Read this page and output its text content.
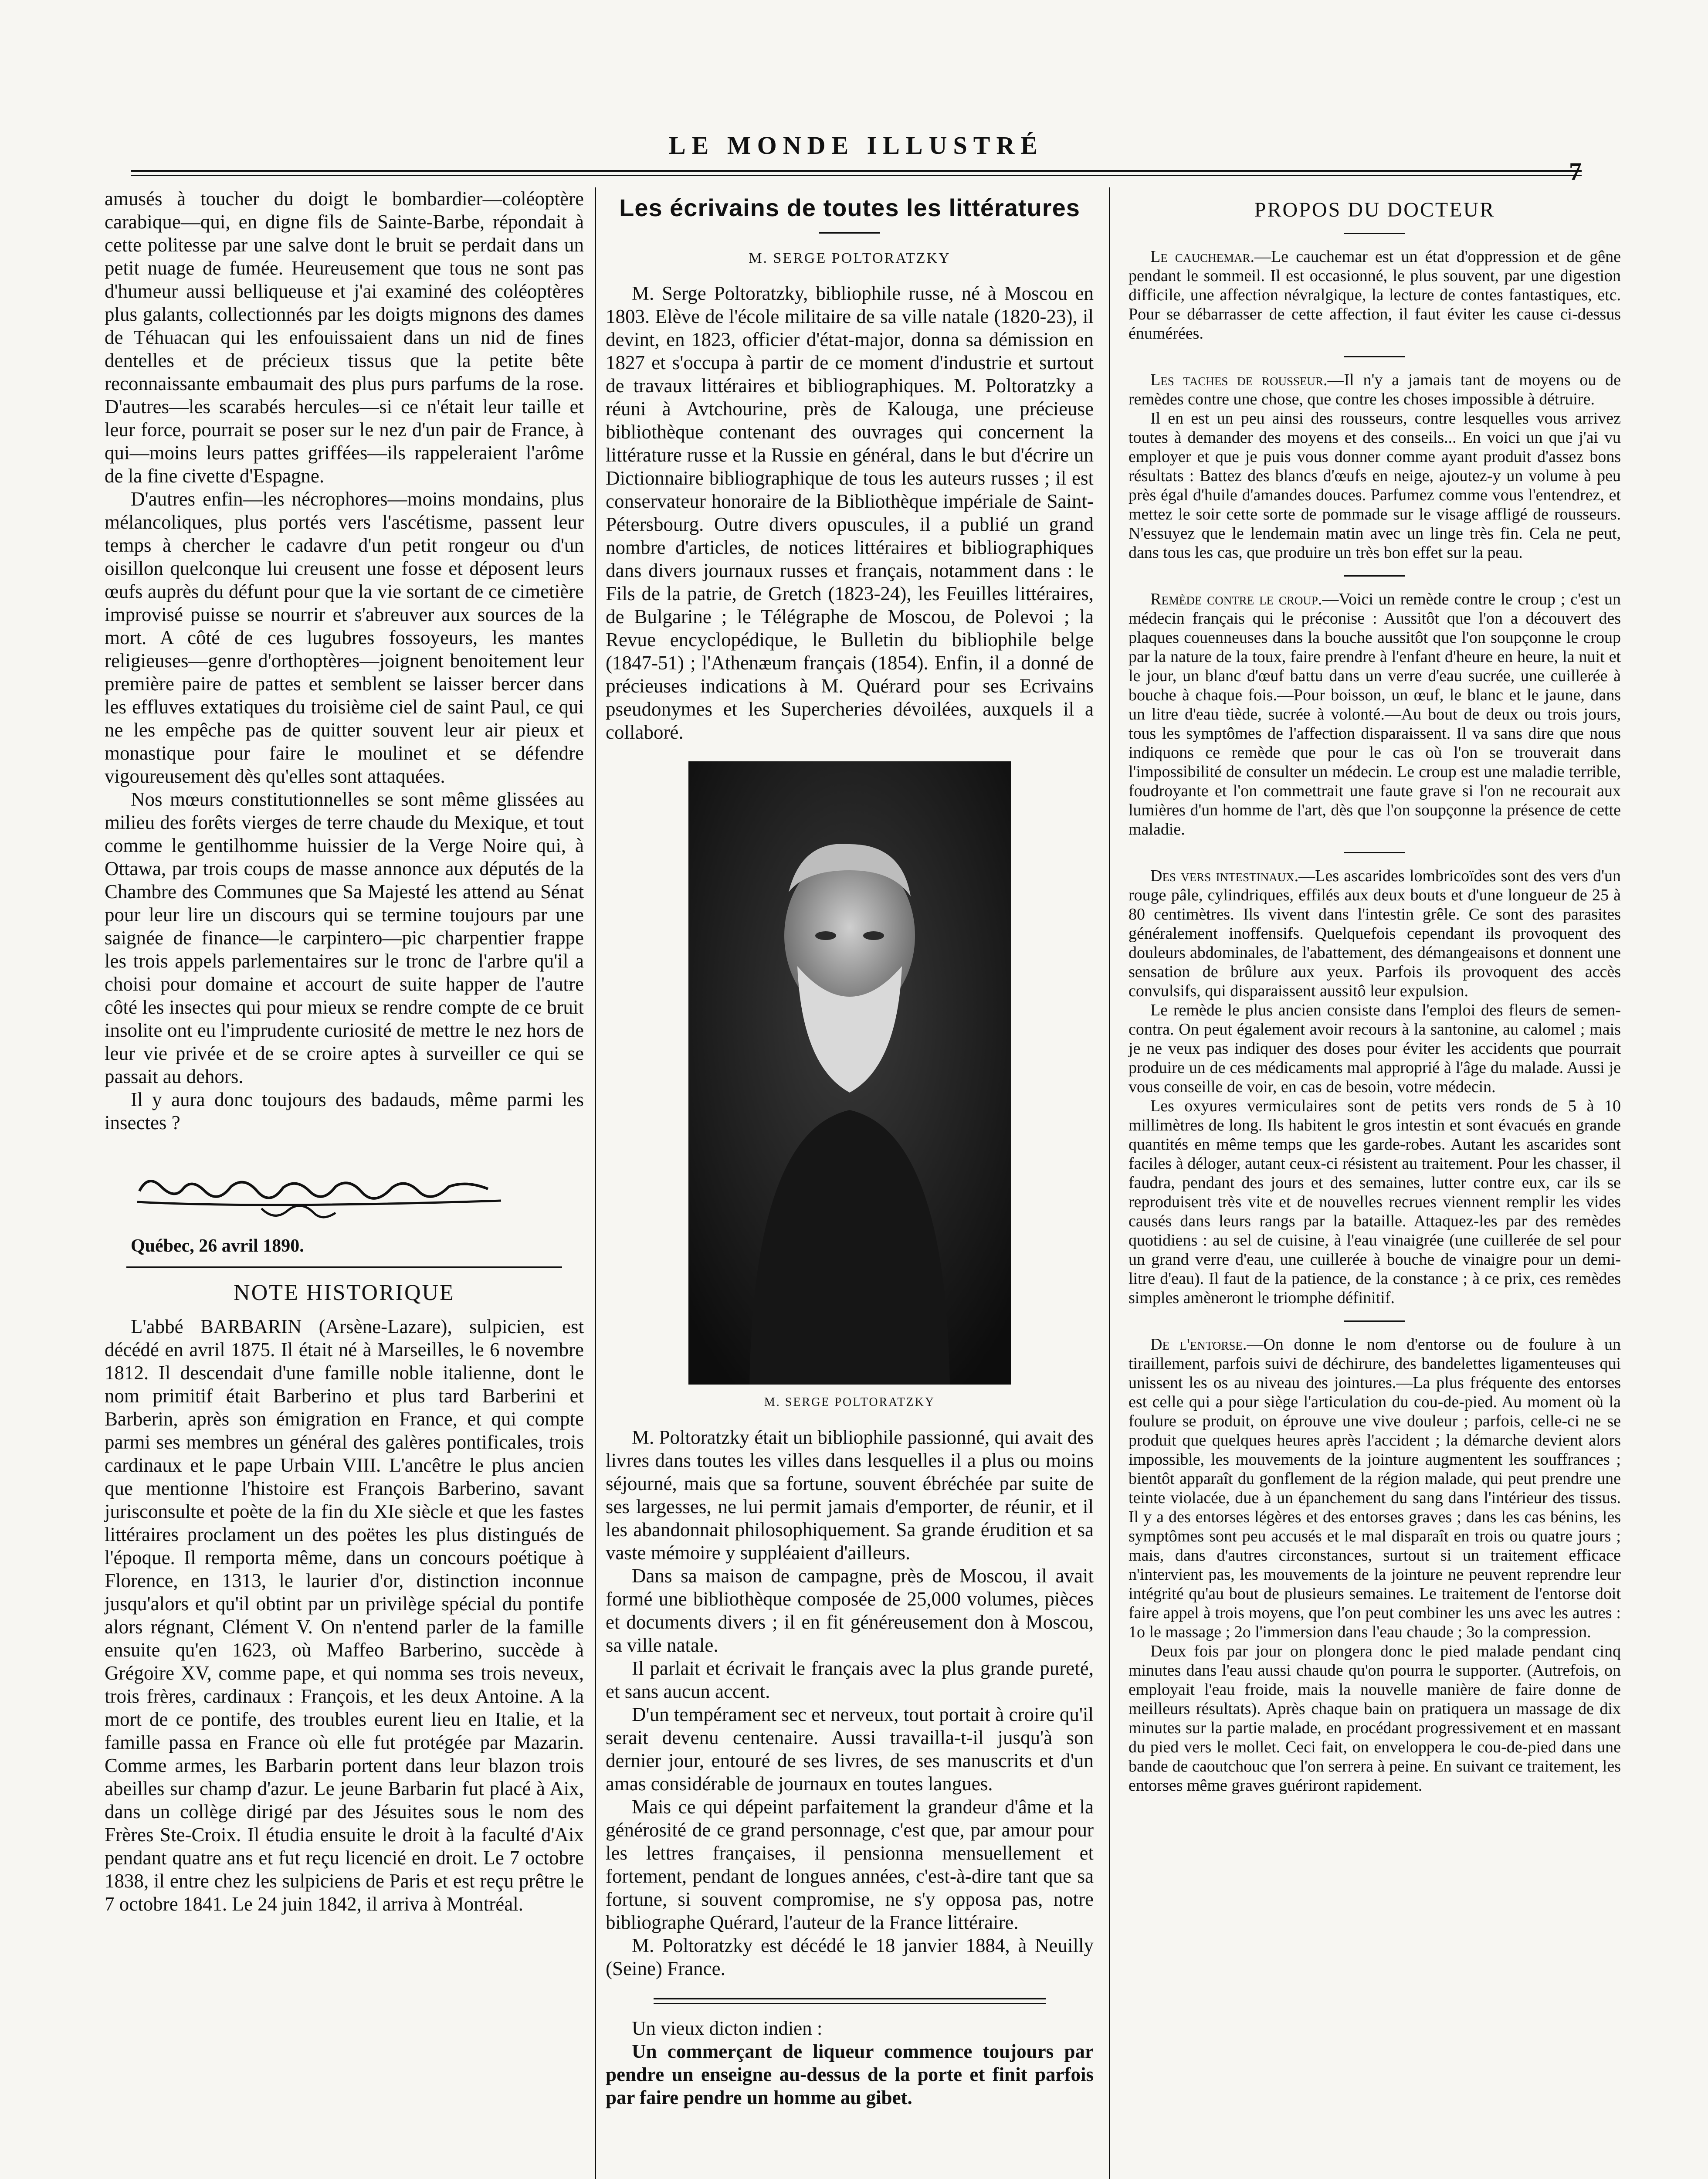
LE MONDE ILLUSTRÉ
7

amusés à toucher du doigt le bombardier—coléoptère carabique—qui, en digne fils de Sainte-Barbe, répondait à cette politesse par une salve dont le bruit se perdait dans un petit nuage de fumée. Heureusement que tous ne sont pas d'humeur aussi belliqueuse et j'ai examiné des coléoptères plus galants, collectionnés par les doigts mignons des dames de Téhuacan qui les enfouissaient dans un nid de fines dentelles et de précieux tissus que la petite bête reconnaissante embaumait des plus purs parfums de la rose. D'autres—les scarabés hercules—si ce n'était leur taille et leur force, pourrait se poser sur le nez d'un pair de France, à qui—moins leurs pattes griffées—ils rappeleraient l'arôme de la fine civette d'Espagne.

D'autres enfin—les nécrophores—moins mondains, plus mélancoliques, plus portés vers l'ascétisme, passent leur temps à chercher le cadavre d'un petit rongeur ou d'un oisillon quelconque lui creusent une fosse et déposent leurs œufs auprès du défunt pour que la vie sortant de ce cimetière improvisé puisse se nourrir et s'abreuver aux sources de la mort. A côté de ces lugubres fossoyeurs, les mantes religieuses—genre d'orthoptères—joignent benoitement leur première paire de pattes et semblent se laisser bercer dans les effluves extatiques du troisième ciel de saint Paul, ce qui ne les empêche pas de quitter souvent leur air pieux et monastique pour faire le moulinet et se défendre vigoureusement dès qu'elles sont attaquées.

Nos mœurs constitutionnelles se sont même glissées au milieu des forêts vierges de terre chaude du Mexique, et tout comme le gentilhomme huissier de la Verge Noire qui, à Ottawa, par trois coups de masse annonce aux députés de la Chambre des Communes que Sa Majesté les attend au Sénat pour leur lire un discours qui se termine toujours par une saignée de finance—le carpintero—pic charpentier frappe les trois appels parlementaires sur le tronc de l'arbre qu'il a choisi pour domaine et accourt de suite happer de l'autre côté les insectes qui pour mieux se rendre compte de ce bruit insolite ont eu l'imprudente curiosité de mettre le nez hors de leur vie privée et de se croire aptes à surveiller ce qui se passait au dehors.

Il y aura donc toujours des badauds, même parmi les insectes ?

Québec, 26 avril 1890.

NOTE HISTORIQUE

L'abbé BARBARIN (Arsène-Lazare), sulpicien, est décédé en avril 1875. Il était né à Marseilles, le 6 novembre 1812. Il descendait d'une famille noble italienne, dont le nom primitif était Barberino et plus tard Barberini et Barberin, après son émigration en France, et qui compte parmi ses membres un général des galères pontificales, trois cardinaux et le pape Urbain VIII. L'ancêtre le plus ancien que mentionne l'histoire est François Barberino, savant jurisconsulte et poète de la fin du XIe siècle et que les fastes littéraires proclament un des poëtes les plus distingués de l'époque. Il remporta même, dans un concours poétique à Florence, en 1313, le laurier d'or, distinction inconnue jusqu'alors et qu'il obtint par un privilège spécial du pontife alors régnant, Clément V. On n'entend parler de la famille ensuite qu'en 1623, où Maffeo Barberino, succède à Grégoire XV, comme pape, et qui nomma ses trois neveux, trois frères, cardinaux : François, et les deux Antoine. A la mort de ce pontife, des troubles eurent lieu en Italie, et la famille passa en France où elle fut protégée par Mazarin. Comme armes, les Barbarin portent dans leur blazon trois abeilles sur champ d'azur. Le jeune Barbarin fut placé à Aix, dans un collège dirigé par des Jésuites sous le nom des Frères Ste-Croix. Il étudia ensuite le droit à la faculté d'Aix pendant quatre ans et fut reçu licencié en droit. Le 7 octobre 1838, il entre chez les sulpiciens de Paris et est reçu prêtre le 7 octobre 1841. Le 24 juin 1842, il arriva à Montréal.

Les écrivains de toutes les littératures
M. SERGE POLTORATZKY

M. Serge Poltoratzky, bibliophile russe, né à Moscou en 1803. Elève de l'école militaire de sa ville natale (1820-23), il devint, en 1823, officier d'état-major, donna sa démission en 1827 et s'occupa à partir de ce moment d'industrie et surtout de travaux littéraires et bibliographiques. M. Poltoratzky a réuni à Avtchourine, près de Kalouga, une précieuse bibliothèque contenant des ouvrages qui concernent la littérature russe et la Russie en général, dans le but d'écrire un Dictionnaire bibliographique de tous les auteurs russes ; il est conservateur honoraire de la Bibliothèque impériale de Saint-Pétersbourg. Outre divers opuscules, il a publié un grand nombre d'articles, de notices littéraires et bibliographiques dans divers journaux russes et français, notamment dans : le Fils de la patrie, de Gretch (1823-24), les Feuilles littéraires, de Bulgarine ; le Télégraphe de Moscou, de Polevoi ; la Revue encyclopédique, le Bulletin du bibliophile belge (1847-51) ; l'Athenæum français (1854). Enfin, il a donné de précieuses indications à M. Quérard pour ses Ecrivains pseudonymes et les Supercheries dévoilées, auxquels il a collaboré.

M. SERGE POLTORATZKY

M. Poltoratzky était un bibliophile passionné, qui avait des livres dans toutes les villes dans lesquelles il a plus ou moins séjourné, mais que sa fortune, souvent ébréchée par suite de ses largesses, ne lui permit jamais d'emporter, de réunir, et il les abandonnait philosophiquement. Sa grande érudition et sa vaste mémoire y suppléaient d'ailleurs.

Dans sa maison de campagne, près de Moscou, il avait formé une bibliothèque composée de 25,000 volumes, pièces et documents divers ; il en fit généreusement don à Moscou, sa ville natale.

Il parlait et écrivait le français avec la plus grande pureté, et sans aucun accent.

D'un tempérament sec et nerveux, tout portait à croire qu'il serait devenu centenaire. Aussi travailla-t-il jusqu'à son dernier jour, entouré de ses livres, de ses manuscrits et d'un amas considérable de journaux en toutes langues.

Mais ce qui dépeint parfaitement la grandeur d'âme et la générosité de ce grand personnage, c'est que, par amour pour les lettres françaises, il pensionna mensuellement et fortement, pendant de longues années, c'est-à-dire tant que sa fortune, si souvent compromise, ne s'y opposa pas, notre bibliographe Quérard, l'auteur de la France littéraire.

M. Poltoratzky est décédé le 18 janvier 1884, à Neuilly (Seine) France.

Un vieux dicton indien :

Un commerçant de liqueur commence toujours par pendre un enseigne au-dessus de la porte et finit parfois par faire pendre un homme au gibet.

PROPOS DU DOCTEUR

Le cauchemar.—Le cauchemar est un état d'oppression et de gêne pendant le sommeil. Il est occasionné, le plus souvent, par une digestion difficile, une affection névralgique, la lecture de contes fantastiques, etc. Pour se débarrasser de cette affection, il faut éviter les cause ci-dessus énumérées.

Les taches de rousseur.—Il n'y a jamais tant de moyens ou de remèdes contre une chose, que contre les choses impossible à détruire.

Il en est un peu ainsi des rousseurs, contre lesquelles vous arrivez toutes à demander des moyens et des conseils... En voici un que j'ai vu employer et que je puis vous donner comme ayant produit d'assez bons résultats : Battez des blancs d'œufs en neige, ajoutez-y un volume à peu près égal d'huile d'amandes douces. Parfumez comme vous l'entendrez, et mettez le soir cette sorte de pommade sur le visage affligé de rousseurs. N'essuyez que le lendemain matin avec un linge très fin. Cela ne peut, dans tous les cas, que produire un très bon effet sur la peau.

Remède contre le croup.—Voici un remède contre le croup ; c'est un médecin français qui le préconise : Aussitôt que l'on a découvert des plaques couenneuses dans la bouche aussitôt que l'on soupçonne le croup par la nature de la toux, faire prendre à l'enfant d'heure en heure, la nuit et le jour, un blanc d'œuf battu dans un verre d'eau sucrée, une cuillerée à bouche à chaque fois.—Pour boisson, un œuf, le blanc et le jaune, dans un litre d'eau tiède, sucrée à volonté.—Au bout de deux ou trois jours, tous les symptômes de l'affection disparaissent. Il va sans dire que nous indiquons ce remède que pour le cas où l'on se trouverait dans l'impossibilité de consulter un médecin. Le croup est une maladie terrible, foudroyante et l'on commettrait une faute grave si l'on ne recourait aux lumières d'un homme de l'art, dès que l'on soupçonne la présence de cette maladie.

Des vers intestinaux.—Les ascarides lombricoïdes sont des vers d'un rouge pâle, cylindriques, effilés aux deux bouts et d'une longueur de 25 à 80 centimètres. Ils vivent dans l'intestin grêle. Ce sont des parasites généralement inoffensifs. Quelquefois cependant ils provoquent des douleurs abdominales, de l'abattement, des démangeaisons et donnent une sensation de brûlure aux yeux. Parfois ils provoquent des accès convulsifs, qui disparaissent aussitô leur expulsion.

Le remède le plus ancien consiste dans l'emploi des fleurs de semen-contra. On peut également avoir recours à la santonine, au calomel ; mais je ne veux pas indiquer des doses pour éviter les accidents que pourrait produire un de ces médicaments mal approprié à l'âge du malade. Aussi je vous conseille de voir, en cas de besoin, votre médecin.

Les oxyures vermiculaires sont de petits vers ronds de 5 à 10 millimètres de long. Ils habitent le gros intestin et sont évacués en grande quantités en même temps que les garde-robes. Autant les ascarides sont faciles à déloger, autant ceux-ci résistent au traitement. Pour les chasser, il faudra, pendant des jours et des semaines, lutter contre eux, car ils se reproduisent très vite et de nouvelles recrues viennent remplir les vides causés dans leurs rangs par la bataille. Attaquez-les par des remèdes quotidiens : au sel de cuisine, à l'eau vinaigrée (une cuillerée de sel pour un grand verre d'eau, une cuillerée à bouche de vinaigre pour un demi-litre d'eau). Il faut de la patience, de la constance ; à ce prix, ces remèdes simples amèneront le triomphe définitif.

De l'entorse.—On donne le nom d'entorse ou de foulure à un tiraillement, parfois suivi de déchirure, des bandelettes ligamenteuses qui unissent les os au niveau des jointures.—La plus fréquente des entorses est celle qui a pour siège l'articulation du cou-de-pied. Au moment où la foulure se produit, on éprouve une vive douleur ; parfois, celle-ci ne se produit que quelques heures après l'accident ; la démarche devient alors impossible, les mouvements de la jointure augmentent les souffrances ; bientôt apparaît du gonflement de la région malade, qui peut prendre une teinte violacée, due à un épanchement du sang dans l'intérieur des tissus. Il y a des entorses légères et des entorses graves ; dans les cas bénins, les symptômes sont peu accusés et le mal disparaît en trois ou quatre jours ; mais, dans d'autres circonstances, surtout si un traitement efficace n'intervient pas, les mouvements de la jointure ne peuvent reprendre leur intégrité qu'au bout de plusieurs semaines. Le traitement de l'entorse doit faire appel à trois moyens, que l'on peut combiner les uns avec les autres : 1o le massage ; 2o l'immersion dans l'eau chaude ; 3o la compression.

Deux fois par jour on plongera donc le pied malade pendant cinq minutes dans l'eau aussi chaude qu'on pourra le supporter. (Autrefois, on employait l'eau froide, mais la nouvelle manière de faire donne de meilleurs résultats). Après chaque bain on pratiquera un massage de dix minutes sur la partie malade, en procédant progressivement et en massant du pied vers le mollet. Ceci fait, on enveloppera le cou-de-pied dans une bande de caoutchouc que l'on serrera à peine. En suivant ce traitement, les entorses même graves guériront rapidement.
